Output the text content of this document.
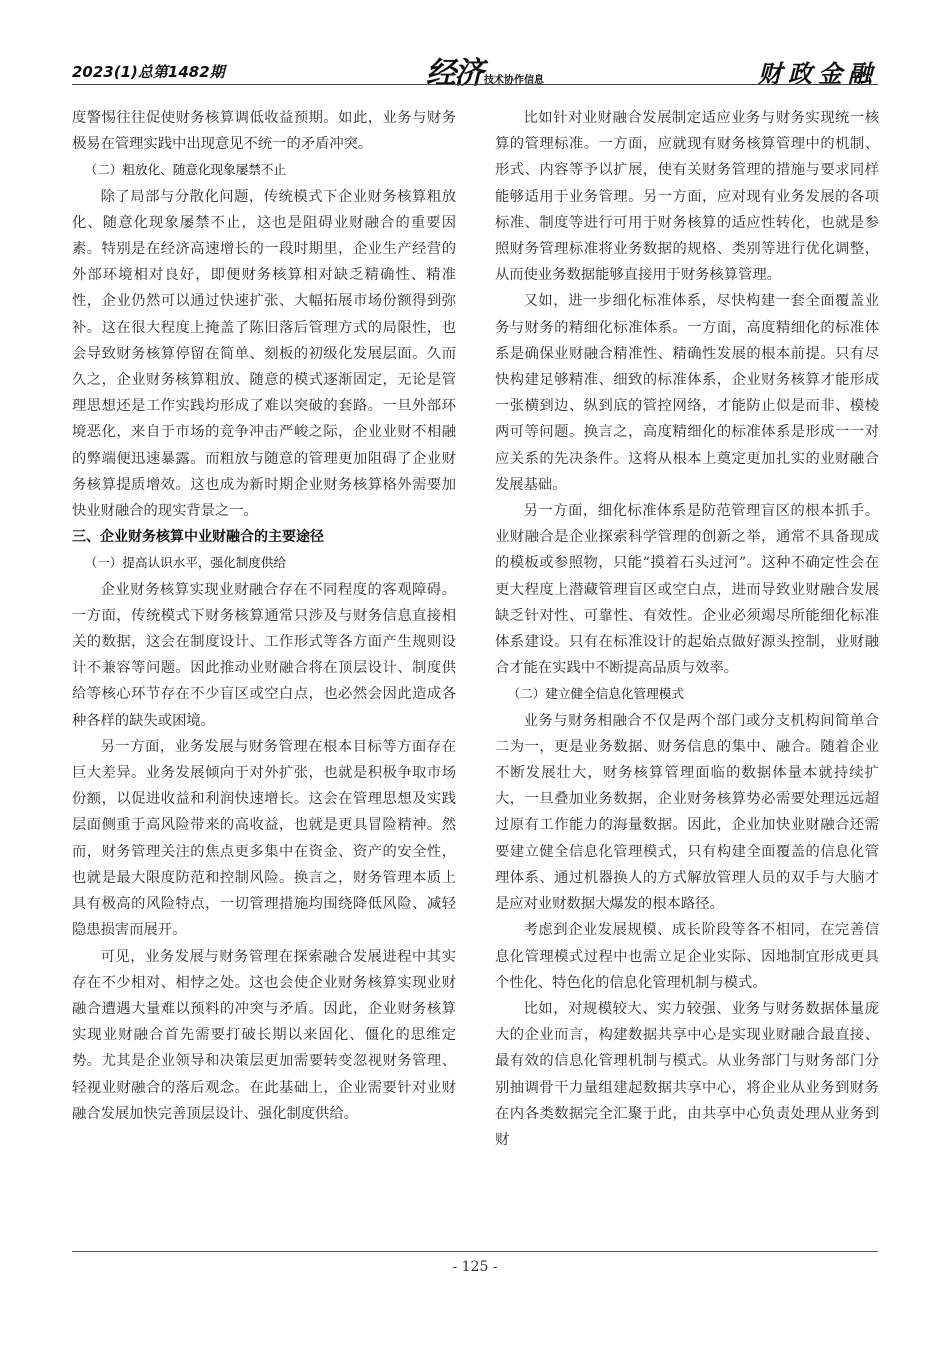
2023(1)总第1482期	经济 技术协作信息	财政金融

度警惕往往促使财务核算调低收益预期。如此，业务与财务极易在管理实践中出现意见不统一的矛盾冲突。

（二）粗放化、随意化现象屡禁不止

除了局部与分散化问题，传统模式下企业财务核算粗放化、随意化现象屡禁不止，这也是阻碍业财融合的重要因素。特别是在经济高速增长的一段时期里，企业生产经营的外部环境相对良好，即便财务核算相对缺乏精确性、精准性，企业仍然可以通过快速扩张、大幅拓展市场份额得到弥补。这在很大程度上掩盖了陈旧落后管理方式的局限性，也会导致财务核算停留在简单、刻板的初级化发展层面。久而久之，企业财务核算粗放、随意的模式逐渐固定，无论是管理思想还是工作实践均形成了难以突破的套路。一旦外部环境恶化，来自于市场的竞争冲击严峻之际，企业业财不相融的弊端便迅速暴露。而粗放与随意的管理更加阻碍了企业财务核算提质增效。这也成为新时期企业财务核算格外需要加快业财融合的现实背景之一。

三、企业财务核算中业财融合的主要途径

（一）提高认识水平，强化制度供给

企业财务核算实现业财融合存在不同程度的客观障碍。一方面，传统模式下财务核算通常只涉及与财务信息直接相关的数据，这会在制度设计、工作形式等各方面产生规则设计不兼容等问题。因此推动业财融合将在顶层设计、制度供给等核心环节存在不少盲区或空白点，也必然会因此造成各种各样的缺失或困境。

另一方面，业务发展与财务管理在根本目标等方面存在巨大差异。业务发展倾向于对外扩张，也就是积极争取市场份额，以促进收益和利润快速增长。这会在管理思想及实践层面侧重于高风险带来的高收益，也就是更具冒险精神。然而，财务管理关注的焦点更多集中在资金、资产的安全性，也就是最大限度防范和控制风险。换言之，财务管理本质上具有极高的风险特点，一切管理措施均围绕降低风险、减轻隐患损害而展开。

可见，业务发展与财务管理在探索融合发展进程中其实存在不少相对、相悖之处。这也会使企业财务核算实现业财融合遭遇大量难以预料的冲突与矛盾。因此，企业财务核算实现业财融合首先需要打破长期以来固化、僵化的思维定势。尤其是企业领导和决策层更加需要转变忽视财务管理、轻视业财融合的落后观念。在此基础上，企业需要针对业财融合发展加快完善顶层设计、强化制度供给。

比如针对业财融合发展制定适应业务与财务实现统一核算的管理标准。一方面，应就现有财务核算管理中的机制、形式、内容等予以扩展，使有关财务管理的措施与要求同样能够适用于业务管理。另一方面，应对现有业务发展的各项标准、制度等进行可用于财务核算的适应性转化，也就是参照财务管理标准将业务数据的规格、类别等进行优化调整，从而使业务数据能够直接用于财务核算管理。

又如，进一步细化标准体系，尽快构建一套全面覆盖业务与财务的精细化标准体系。一方面，高度精细化的标准体系是确保业财融合精准性、精确性发展的根本前提。只有尽快构建足够精准、细致的标准体系，企业财务核算才能形成一张横到边、纵到底的管控网络，才能防止似是而非、模棱两可等问题。换言之，高度精细化的标准体系是形成一一对应关系的先决条件。这将从根本上奠定更加扎实的业财融合发展基础。

另一方面，细化标准体系是防范管理盲区的根本抓手。业财融合是企业探索科学管理的创新之举，通常不具备现成的模板或参照物，只能“摸着石头过河”。这种不确定性会在更大程度上潜藏管理盲区或空白点，进而导致业财融合发展缺乏针对性、可靠性、有效性。企业必须竭尽所能细化标准体系建设。只有在标准设计的起始点做好源头控制，业财融合才能在实践中不断提高品质与效率。

（二）建立健全信息化管理模式

业务与财务相融合不仅是两个部门或分支机构间简单合二为一，更是业务数据、财务信息的集中、融合。随着企业不断发展壮大，财务核算管理面临的数据体量本就持续扩大，一旦叠加业务数据，企业财务核算势必需要处理远远超过原有工作能力的海量数据。因此，企业加快业财融合还需要建立健全信息化管理模式，只有构建全面覆盖的信息化管理体系、通过机器换人的方式解放管理人员的双手与大脑才是应对业财数据大爆发的根本路径。

考虑到企业发展规模、成长阶段等各不相同，在完善信息化管理模式过程中也需立足企业实际、因地制宜形成更具个性化、特色化的信息化管理机制与模式。

比如，对规模较大、实力较强、业务与财务数据体量庞大的企业而言，构建数据共享中心是实现业财融合最直接、最有效的信息化管理机制与模式。从业务部门与财务部门分别抽调骨干力量组建起数据共享中心，将企业从业务到财务在内各类数据完全汇聚于此，由共享中心负责处理从业务到财

- 125 -
